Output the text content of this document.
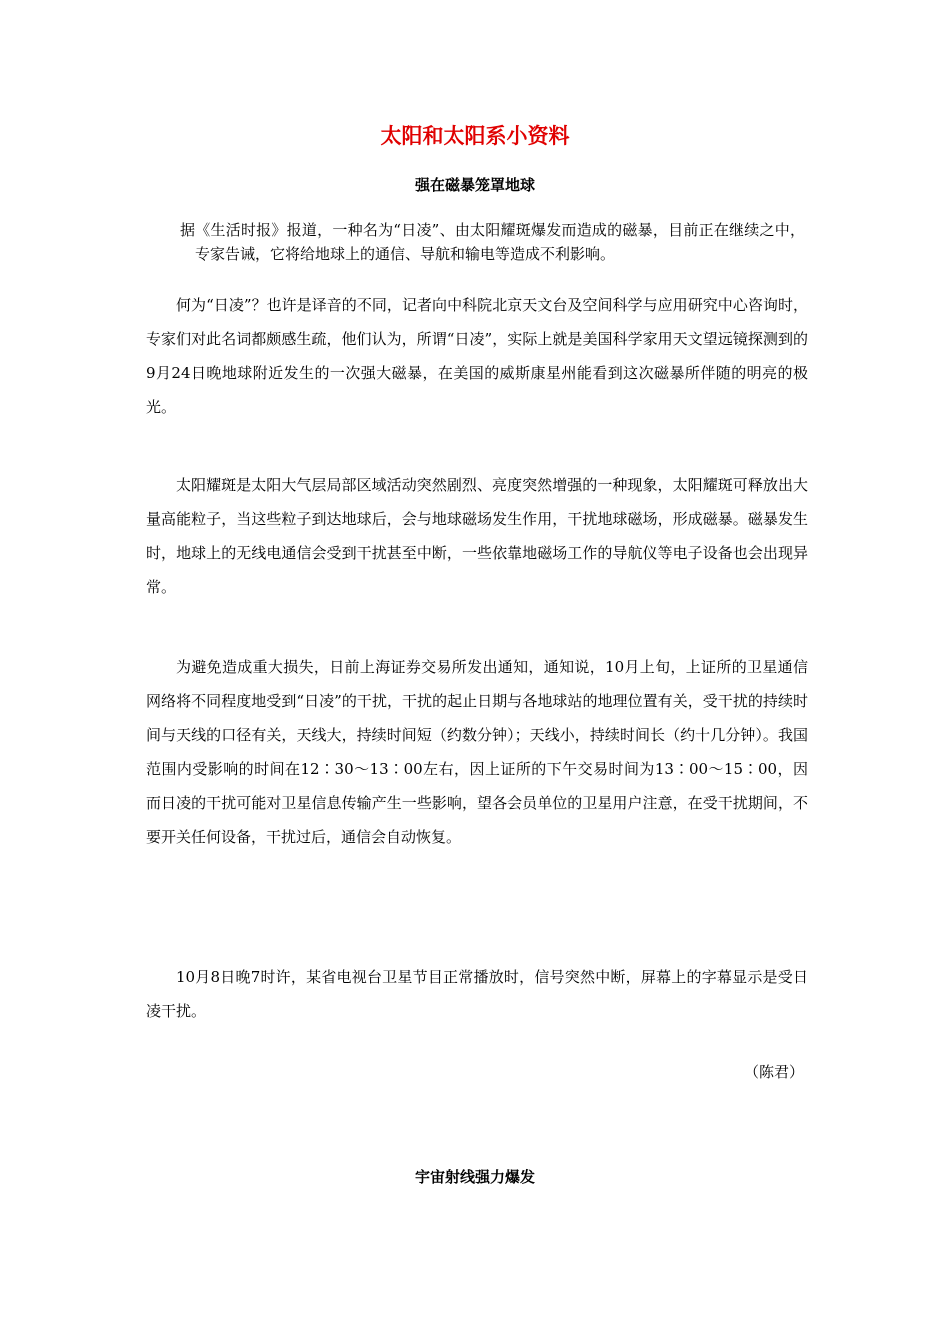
太阳和太阳系小资料
强在磁暴笼罩地球
据《生活时报》报道，一种名为“日凌”、由太阳耀斑爆发而造成的磁暴，目前正在继续之中，专家告诫，它将给地球上的通信、导航和输电等造成不利影响。
何为“日凌”？也许是译音的不同，记者向中科院北京天文台及空间科学与应用研究中心咨询时，专家们对此名词都颇感生疏，他们认为，所谓“日凌”，实际上就是美国科学家用天文望远镜探测到的9月24日晚地球附近发生的一次强大磁暴，在美国的威斯康星州能看到这次磁暴所伴随的明亮的极光。
太阳耀斑是太阳大气层局部区域活动突然剧烈、亮度突然增强的一种现象，太阳耀斑可释放出大量高能粒子，当这些粒子到达地球后，会与地球磁场发生作用，干扰地球磁场，形成磁暴。磁暴发生时，地球上的无线电通信会受到干扰甚至中断，一些依靠地磁场工作的导航仪等电子设备也会出现异常。
为避免造成重大损失，日前上海证券交易所发出通知，通知说，10月上旬，上证所的卫星通信网络将不同程度地受到“日凌”的干扰，干扰的起止日期与各地球站的地理位置有关，受干扰的持续时间与天线的口径有关，天线大，持续时间短（约数分钟）；天线小，持续时间长（约十几分钟）。我国范围内受影响的时间在12∶30～13∶00左右，因上证所的下午交易时间为13∶00～15∶00，因而日凌的干扰可能对卫星信息传输产生一些影响，望各会员单位的卫星用户注意，在受干扰期间，不要开关任何设备，干扰过后，通信会自动恢复。
10月8日晚7时许，某省电视台卫星节目正常播放时，信号突然中断，屏幕上的字幕显示是受日凌干扰。
（陈君）
宇宙射线强力爆发
